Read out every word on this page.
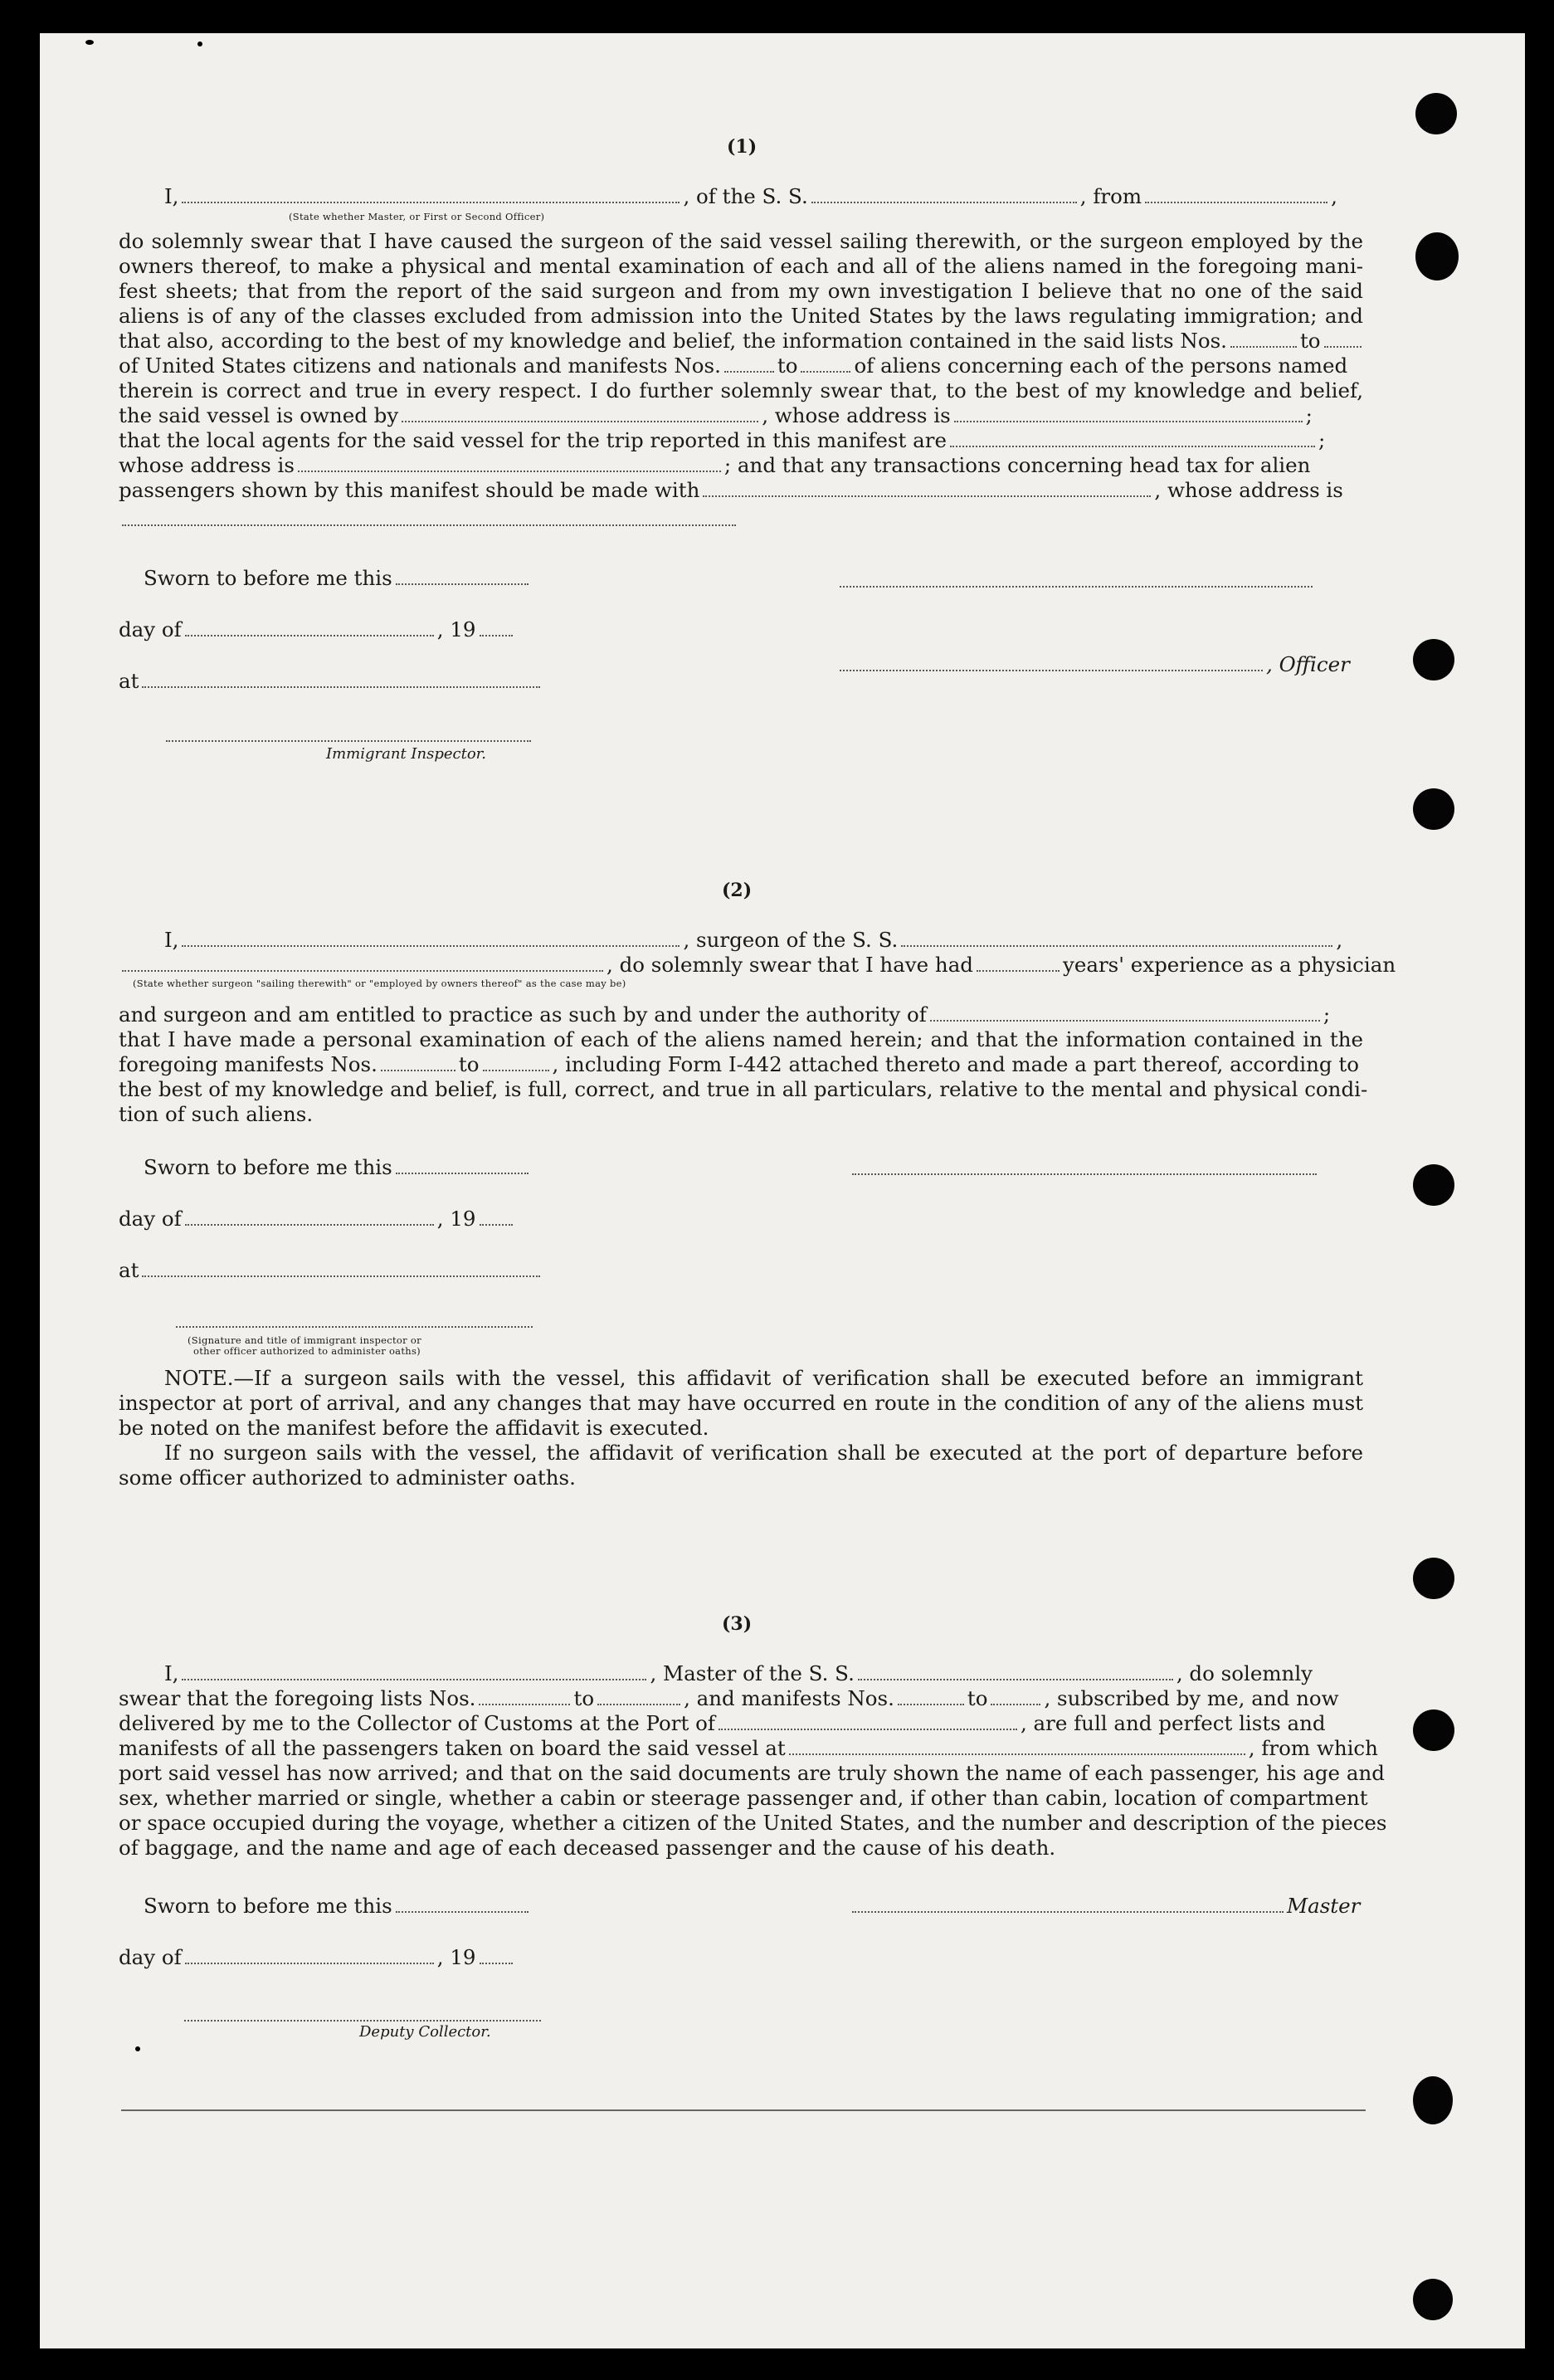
(1)
I,	, of the S. S.	, from	,
(State whether Master, or First or Second Officer)
do solemnly swear that I have caused the surgeon of the said vessel sailing therewith, or the surgeon employed by the
owners thereof, to make a physical and mental examination of each and all of the aliens named in the foregoing mani-
fest sheets; that from the report of the said surgeon and from my own investigation I believe that no one of the said
aliens is of any of the classes excluded from admission into the United States by the laws regulating immigration; and
that also, according to the best of my knowledge and belief, the information contained in the said lists Nos.	to
of United States citizens and nationals and manifests Nos.	to	of aliens concerning each of the persons named
therein is correct and true in every respect. I do further solemnly swear that, to the best of my knowledge and belief,
the said vessel is owned by	, whose address is	;
that the local agents for the said vessel for the trip reported in this manifest are	;
whose address is	; and that any transactions concerning head tax for alien
passengers shown by this manifest should be made with	, whose address is
Sworn to before me this
day of	, 19
, Officer
at
Immigrant Inspector.
(2)
I,	, surgeon of the S. S.	,
, do solemnly swear that I have had	years' experience as a physician
(State whether surgeon "sailing therewith" or "employed by owners thereof" as the case may be)
and surgeon and am entitled to practice as such by and under the authority of	;
that I have made a personal examination of each of the aliens named herein; and that the information contained in the
foregoing manifests Nos.	to	, including Form I-442 attached thereto and made a part thereof, according to
the best of my knowledge and belief, is full, correct, and true in all particulars, relative to the mental and physical condi-
tion of such aliens.
Sworn to before me this
day of	, 19
at
(Signature and title of immigrant inspector or
other officer authorized to administer oaths)
NOTE.—If a surgeon sails with the vessel, this affidavit of verification shall be executed before an immigrant
inspector at port of arrival, and any changes that may have occurred en route in the condition of any of the aliens must
be noted on the manifest before the affidavit is executed.
If no surgeon sails with the vessel, the affidavit of verification shall be executed at the port of departure before
some officer authorized to administer oaths.
(3)
I,	, Master of the S. S.	, do solemnly
swear that the foregoing lists Nos.	to	, and manifests Nos.	to	, subscribed by me, and now
delivered by me to the Collector of Customs at the Port of	, are full and perfect lists and
manifests of all the passengers taken on board the said vessel at	, from which
port said vessel has now arrived; and that on the said documents are truly shown the name of each passenger, his age and
sex, whether married or single, whether a cabin or steerage passenger and, if other than cabin, location of compartment
or space occupied during the voyage, whether a citizen of the United States, and the number and description of the pieces
of baggage, and the name and age of each deceased passenger and the cause of his death.
Sworn to before me this	Master
day of	, 19
Deputy Collector.
